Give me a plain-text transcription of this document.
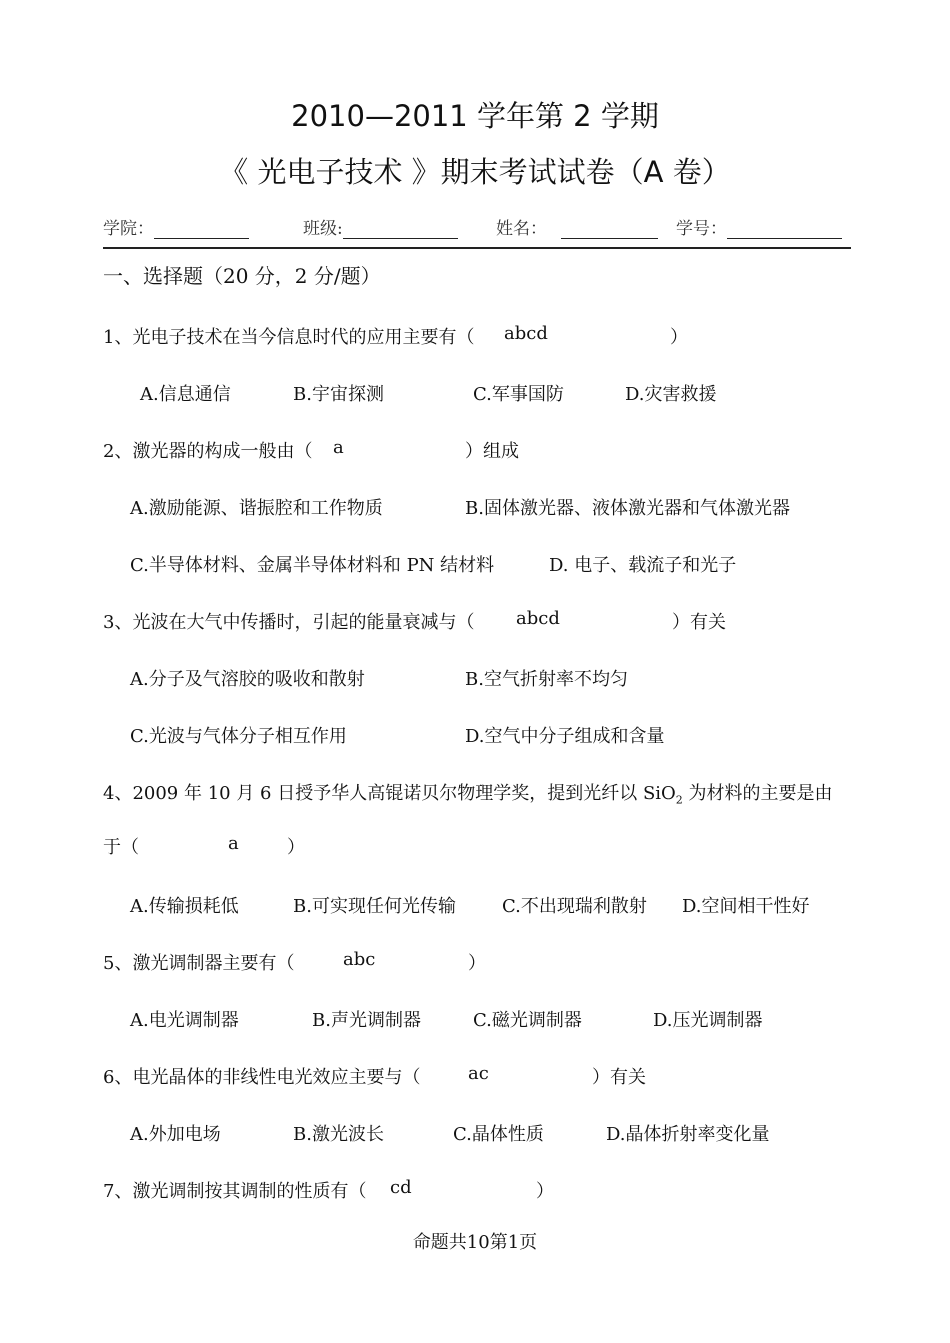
2010—2011 学年第 2 学期
《 光电子技术 》期末考试试卷（A 卷）
学院：	班级:	姓名：	学号：
一、选择题（20 分，2 分/题）
1、光电子技术在当今信息时代的应用主要有（ abcd	）
A.信息通信	B.宇宙探测	C.军事国防	D.灾害救援
2、激光器的构成一般由（ a	）组成
A.激励能源、谐振腔和工作物质	B.固体激光器、液体激光器和气体激光器
C.半导体材料、金属半导体材料和 PN 结材料	D. 电子、载流子和光子
3、光波在大气中传播时，引起的能量衰减与（ abcd	）有关
A.分子及气溶胶的吸收和散射	B.空气折射率不均匀
C.光波与气体分子相互作用	D.空气中分子组成和含量
4、2009 年 10 月 6 日授予华人高锟诺贝尔物理学奖，提到光纤以 SiO$_2$ 为材料的主要是由
于（	a	）
A.传输损耗低	B.可实现任何光传输	C.不出现瑞利散射 D.空间相干性好
5、激光调制器主要有（	abc	）
A.电光调制器	B.声光调制器	C.磁光调制器	D.压光调制器
6、电光晶体的非线性电光效应主要与（	ac	）有关
A.外加电场	B.激光波长	C.晶体性质	D.晶体折射率变化量
7、激光调制按其调制的性质有（ cd	）
命题共10第1页
